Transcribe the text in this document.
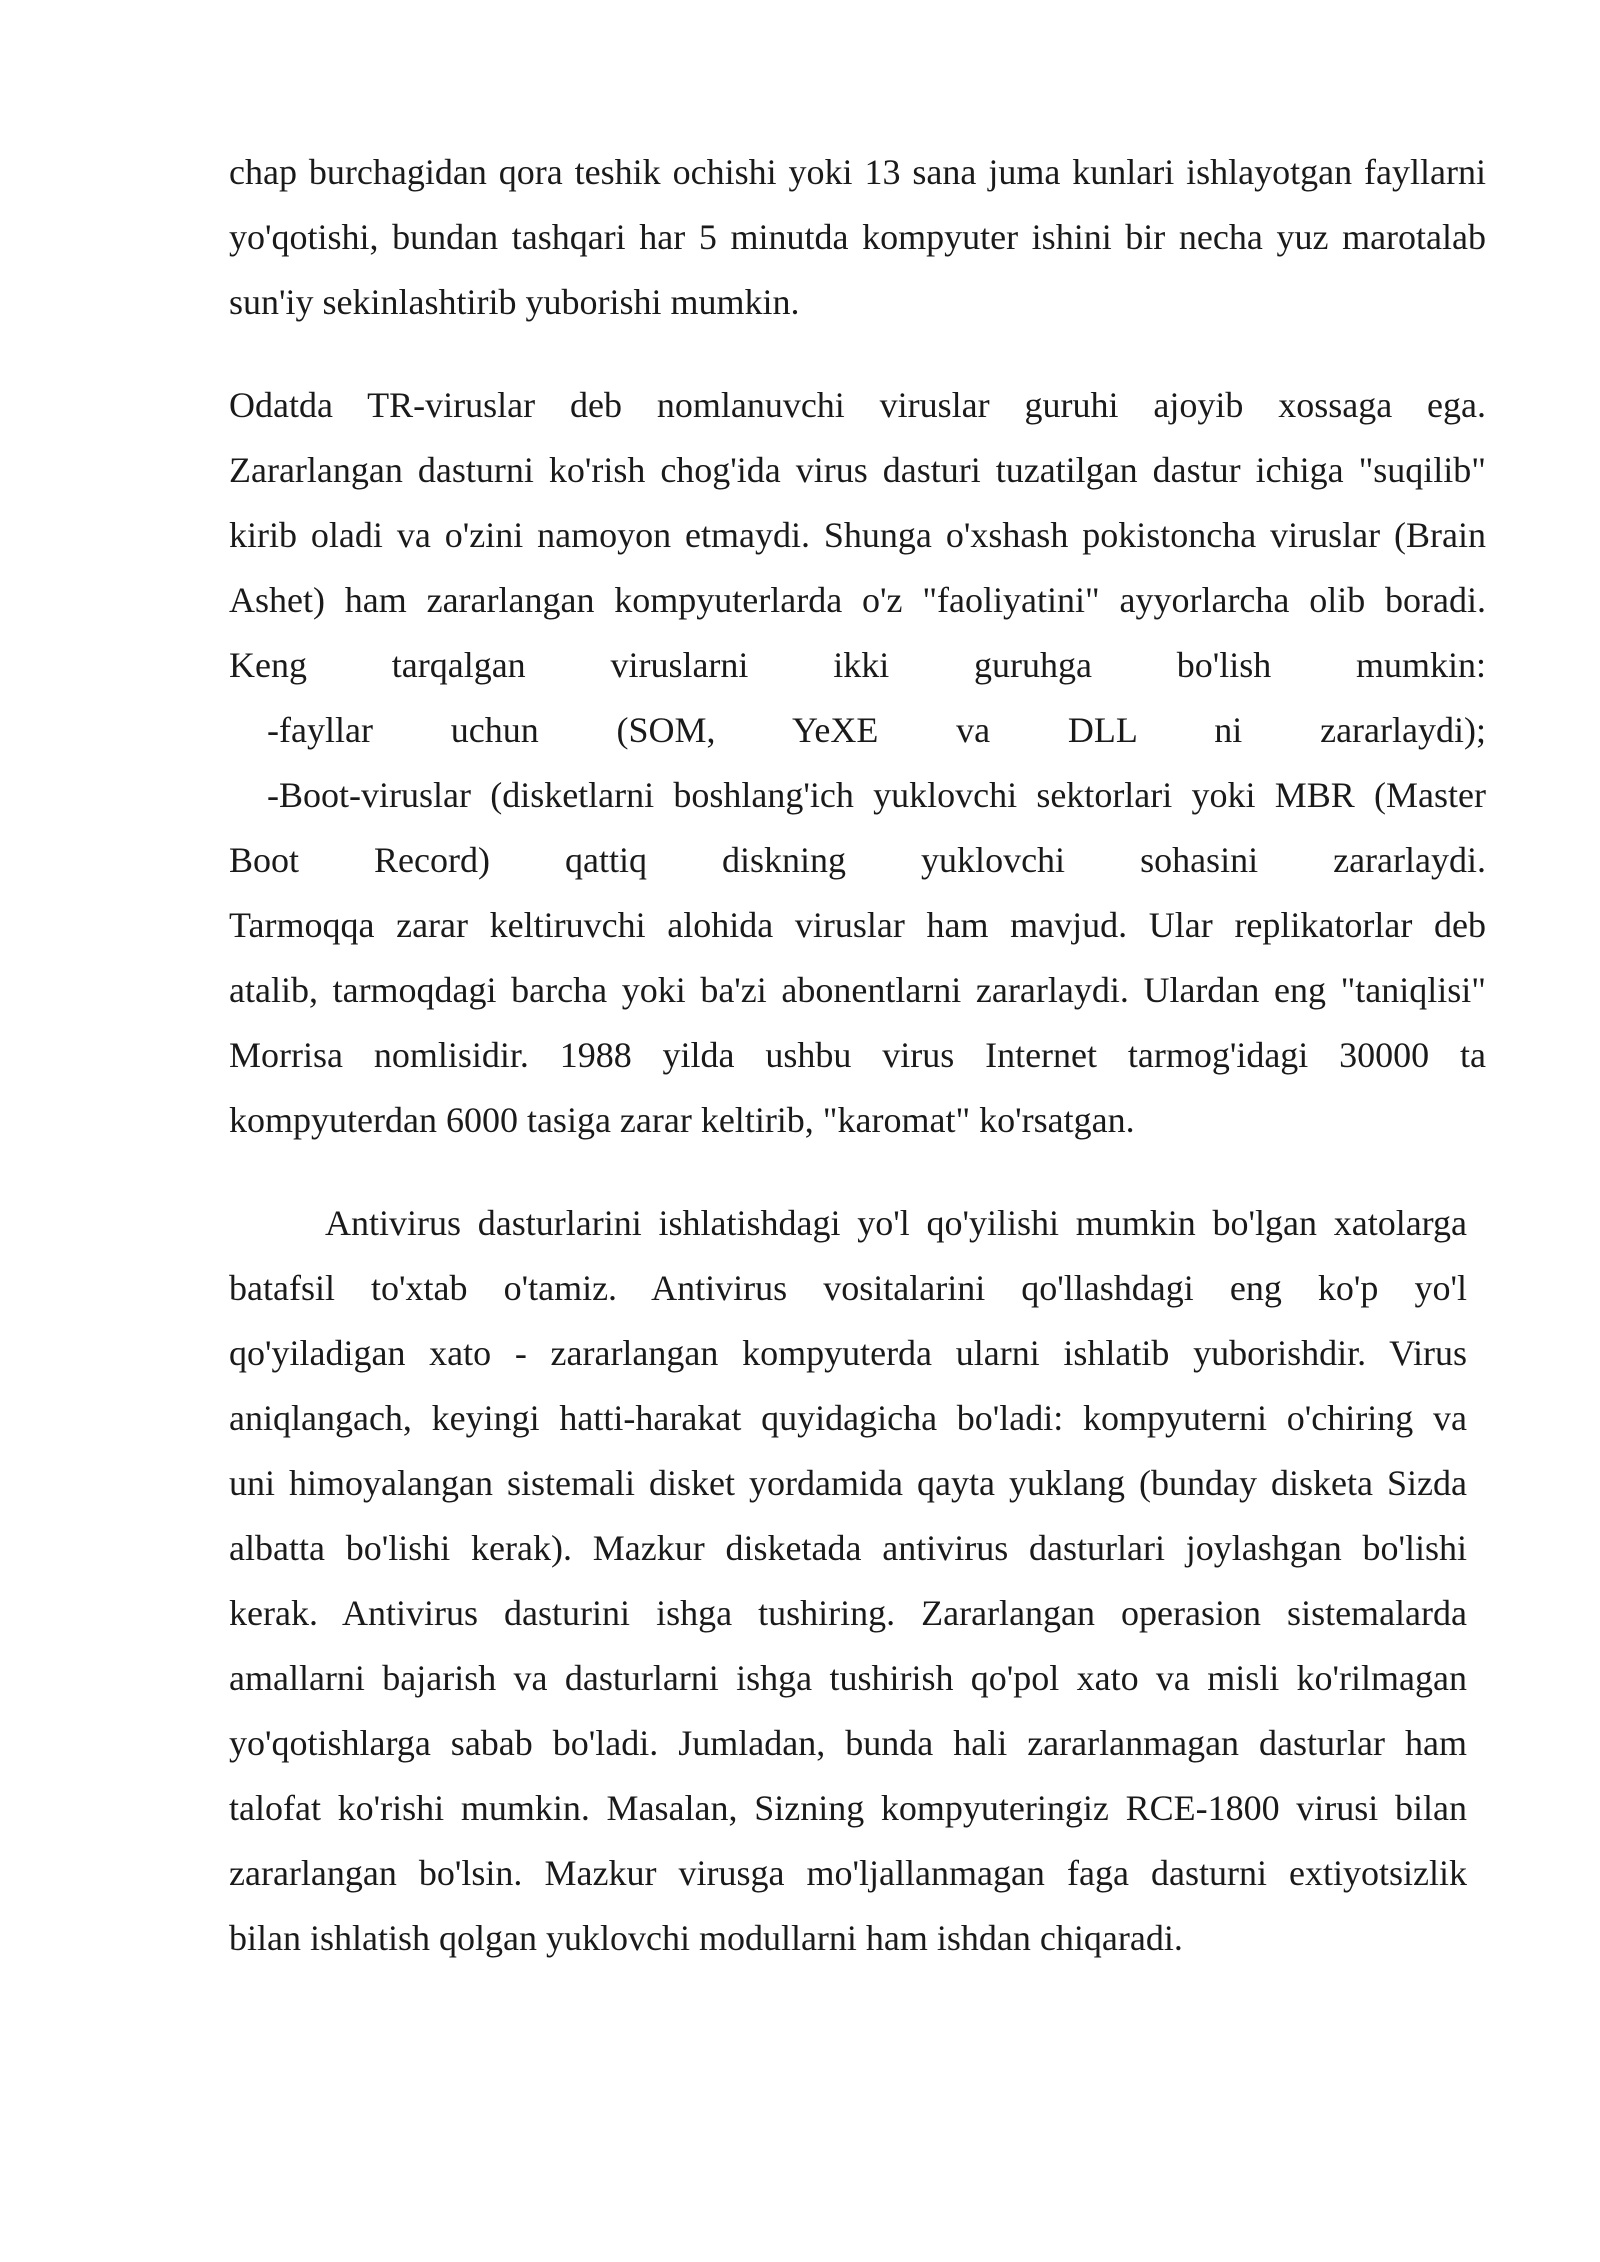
chap burchagidan qora teshik ochishi yoki 13 sana juma kunlari ishlayotgan fayllarni
yo'qotishi, bundan tashqari har 5 minutda kompyuter ishini bir necha yuz marotalab
sun'iy sekinlashtirib yuborishi mumkin.

Odatda TR-viruslar deb nomlanuvchi viruslar guruhi ajoyib xossaga ega.
Zararlangan dasturni ko'rish chog'ida virus dasturi tuzatilgan dastur ichiga "suqilib"
kirib oladi va o'zini namoyon etmaydi. Shunga o'xshash pokistoncha viruslar (Brain
Ashet) ham zararlangan kompyuterlarda o'z "faoliyatini" ayyorlarcha olib boradi.
Keng tarqalgan viruslarni ikki guruhga bo'lish mumkin:
-fayllar uchun (SOM, YeXE va DLL ni zararlaydi);
-Boot-viruslar (disketlarni boshlang'ich yuklovchi sektorlari yoki MBR (Master
Boot Record) qattiq diskning yuklovchi sohasini zararlaydi.
Tarmoqqa zarar keltiruvchi alohida viruslar ham mavjud. Ular replikatorlar deb
atalib, tarmoqdagi barcha yoki ba'zi abonentlarni zararlaydi. Ulardan eng "taniqlisi"
Morrisa nomlisidir. 1988 yilda ushbu virus Internet tarmog'idagi 30000 ta
kompyuterdan 6000 tasiga zarar keltirib, "karomat" ko'rsatgan.

Antivirus dasturlarini ishlatishdagi yo'l qo'yilishi mumkin bo'lgan xatolarga
batafsil to'xtab o'tamiz. Antivirus vositalarini qo'llashdagi eng ko'p yo'l
qo'yiladigan xato - zararlangan kompyuterda ularni ishlatib yuborishdir. Virus
aniqlangach, keyingi hatti-harakat quyidagicha bo'ladi: kompyuterni o'chiring va
uni himoyalangan sistemali disket yordamida qayta yuklang (bunday disketa Sizda
albatta bo'lishi kerak). Mazkur disketada antivirus dasturlari joylashgan bo'lishi
kerak. Antivirus dasturini ishga tushiring. Zararlangan operasion sistemalarda
amallarni bajarish va dasturlarni ishga tushirish qo'pol xato va misli ko'rilmagan
yo'qotishlarga sabab bo'ladi. Jumladan, bunda hali zararlanmagan dasturlar ham
talofat ko'rishi mumkin. Masalan, Sizning kompyuteringiz RCE-1800 virusi bilan
zararlangan bo'lsin. Mazkur virusga mo'ljallanmagan faga dasturni extiyotsizlik
bilan ishlatish qolgan yuklovchi modullarni ham ishdan chiqaradi.
